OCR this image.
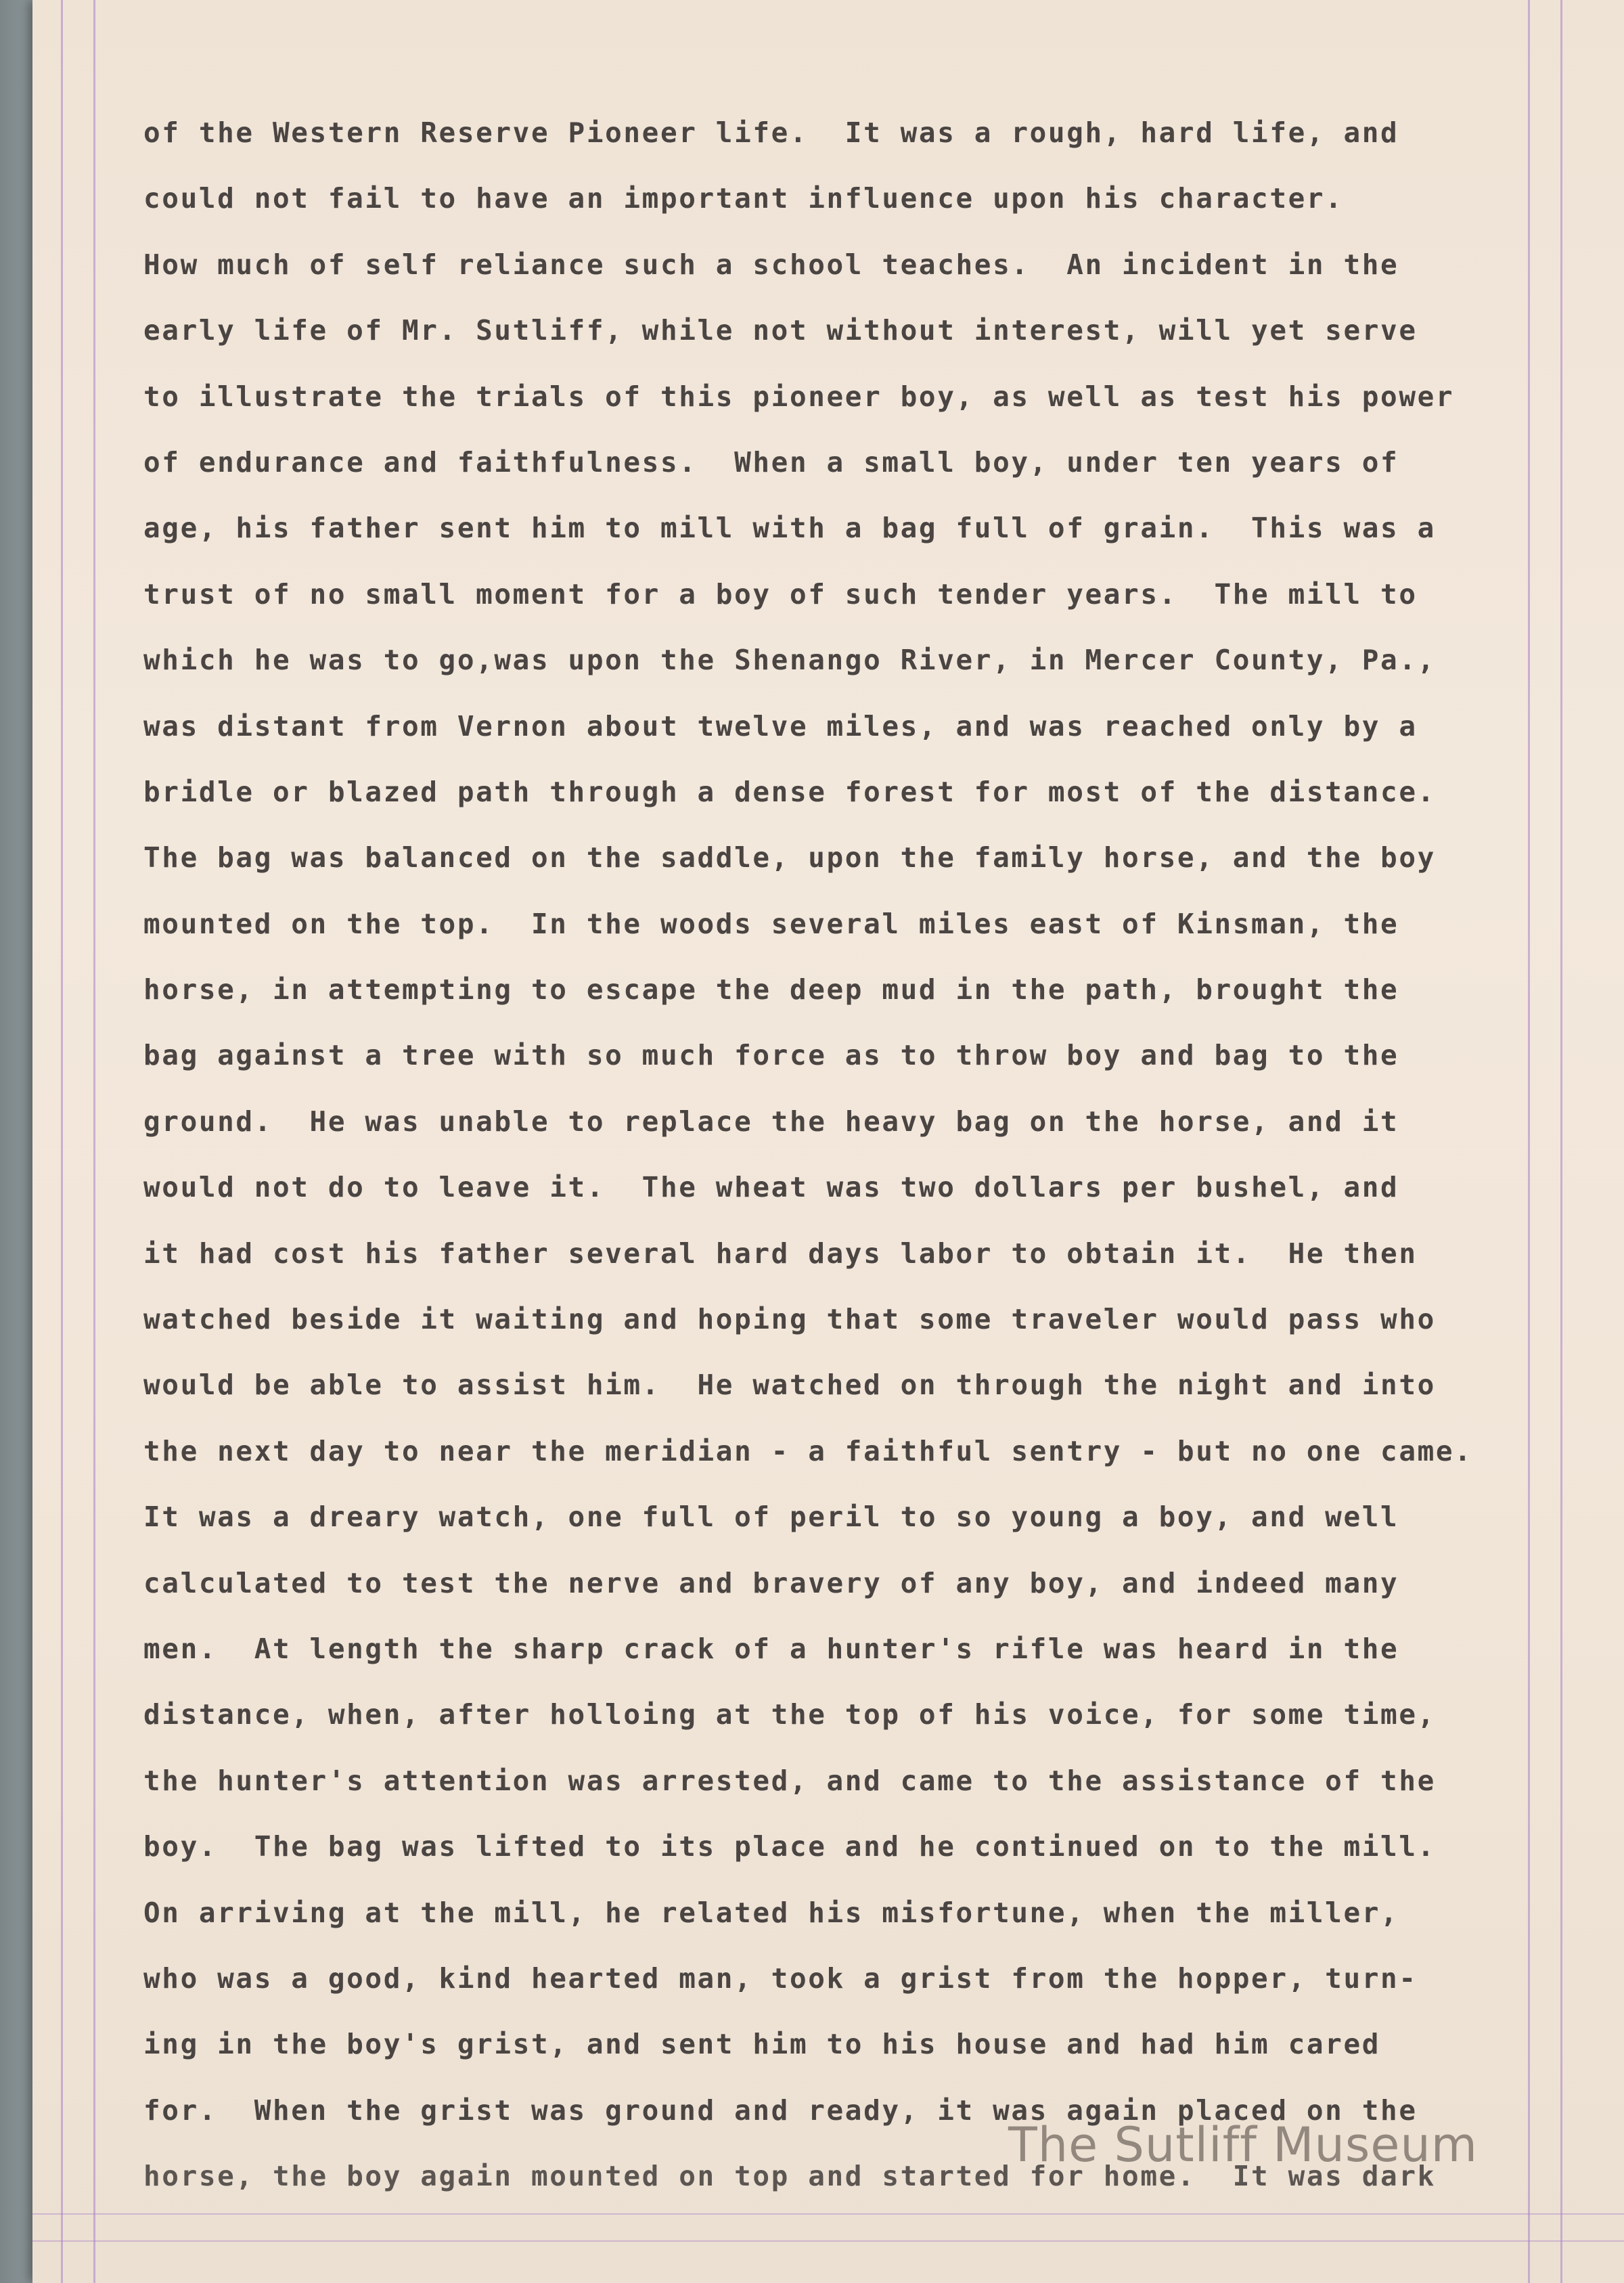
of the Western Reserve Pioneer life.  It was a rough, hard life, and
could not fail to have an important influence upon his character.
How much of self reliance such a school teaches.  An incident in the
early life of Mr. Sutliff, while not without interest, will yet serve
to illustrate the trials of this pioneer boy, as well as test his power
of endurance and faithfulness.  When a small boy, under ten years of
age, his father sent him to mill with a bag full of grain.  This was a
trust of no small moment for a boy of such tender years.  The mill to
which he was to go,was upon the Shenango River, in Mercer County, Pa.,
was distant from Vernon about twelve miles, and was reached only by a
bridle or blazed path through a dense forest for most of the distance.
The bag was balanced on the saddle, upon the family horse, and the boy
mounted on the top.  In the woods several miles east of Kinsman, the
horse, in attempting to escape the deep mud in the path, brought the
bag against a tree with so much force as to throw boy and bag to the
ground.  He was unable to replace the heavy bag on the horse, and it
would not do to leave it.  The wheat was two dollars per bushel, and
it had cost his father several hard days labor to obtain it.  He then
watched beside it waiting and hoping that some traveler would pass who
would be able to assist him.  He watched on through the night and into
the next day to near the meridian - a faithful sentry - but no one came.
It was a dreary watch, one full of peril to so young a boy, and well
calculated to test the nerve and bravery of any boy, and indeed many
men.  At length the sharp crack of a hunter's rifle was heard in the
distance, when, after holloing at the top of his voice, for some time,
the hunter's attention was arrested, and came to the assistance of the
boy.  The bag was lifted to its place and he continued on to the mill.
On arriving at the mill, he related his misfortune, when the miller,
who was a good, kind hearted man, took a grist from the hopper, turn-
ing in the boy's grist, and sent him to his house and had him cared
for.  When the grist was ground and ready, it was again placed on the
horse, the boy again mounted on top and started for home.  It was dark
The Sutliff Museum
